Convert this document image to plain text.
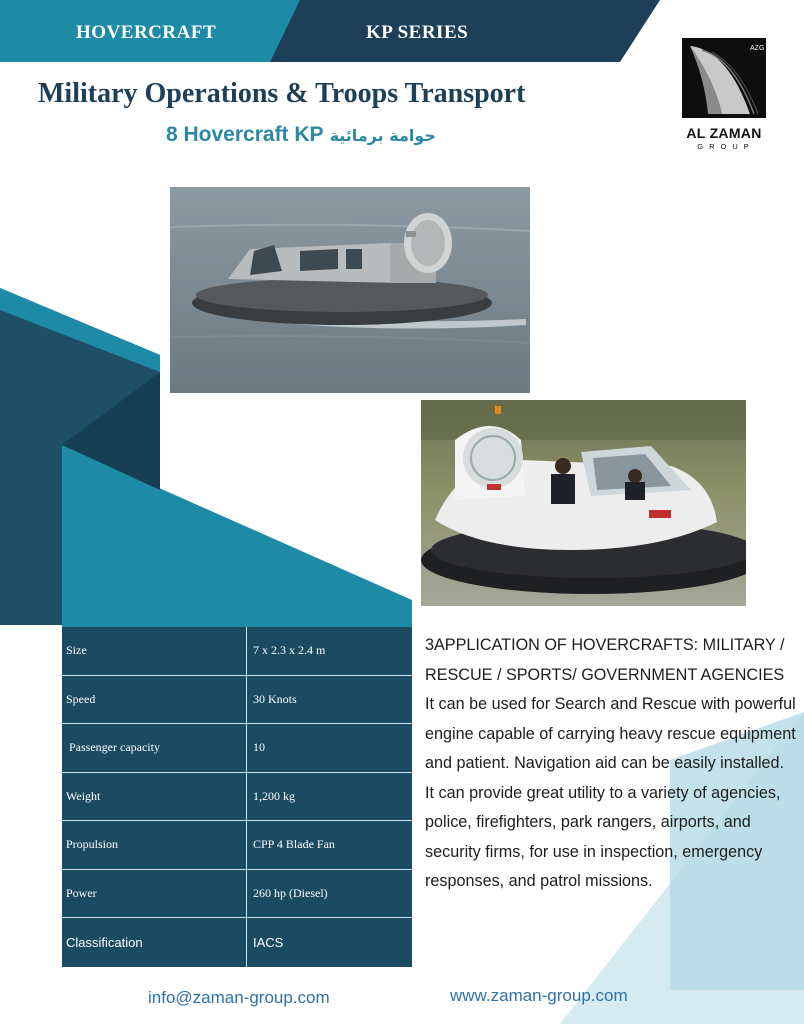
HOVERCRAFT	KP SERIES
Military Operations & Troops Transport
8 Hovercraft KP حوامة برمائية
AZG
AL ZAMAN
GROUP
Size	7 x 2.3 x 2.4 m
Speed	30 Knots
Passenger capacity	10
Weight	1,200 kg
Propulsion	CPP 4 Blade Fan
Power	260 hp (Diesel)
Classification	IACS

3APPLICATION OF HOVERCRAFTS: MILITARY / RESCUE / SPORTS/ GOVERNMENT AGENCIES

It can be used for Search and Rescue with powerful engine capable of carrying heavy rescue equipment and patient. Navigation aid can be easily installed.

It can provide great utility to a variety of agencies, police, firefighters, park rangers, airports, and security firms, for use in inspection, emergency responses, and patrol missions.

info@zaman-group.com	www.zaman-group.com
